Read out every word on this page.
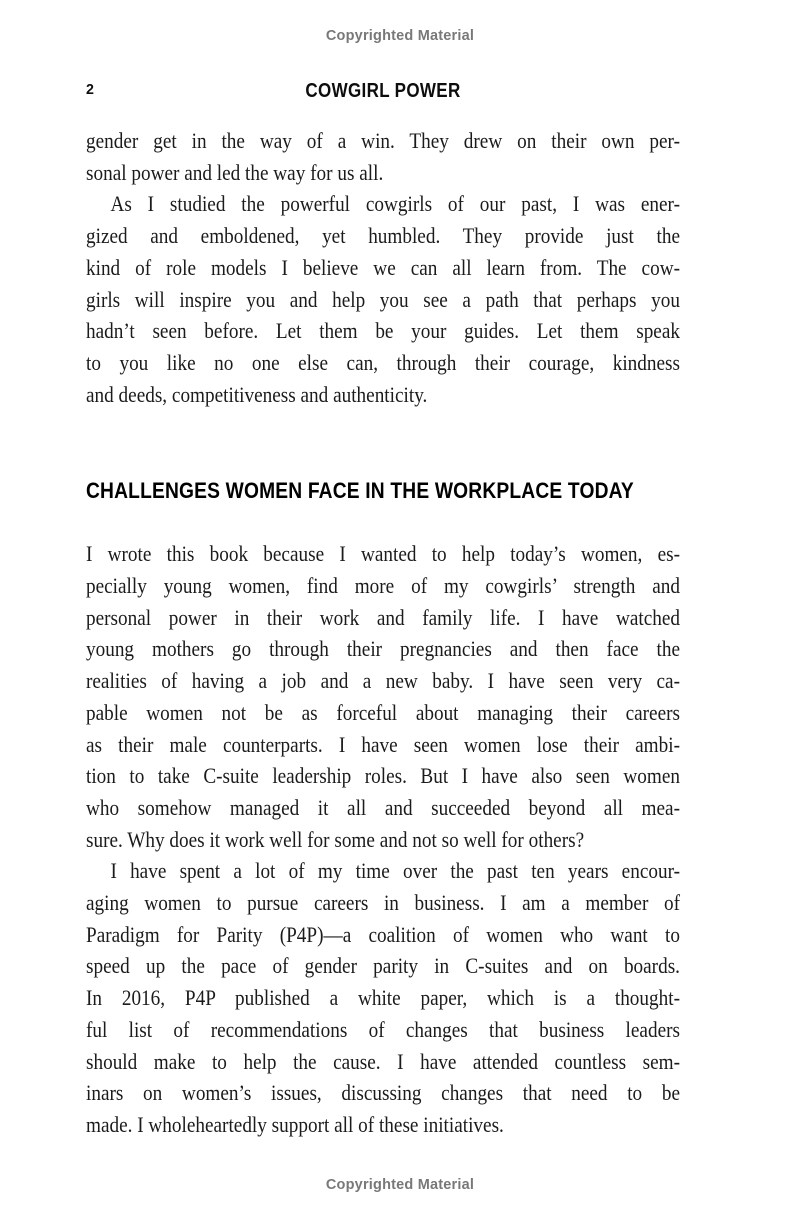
Copyrighted Material
2	COWGIRL POWER
gender get in the way of a win. They drew on their own per-
sonal power and led the way for us all.
As I studied the powerful cowgirls of our past, I was ener-
gized and emboldened, yet humbled. They provide just the
kind of role models I believe we can all learn from. The cow-
girls will inspire you and help you see a path that perhaps you
hadn’t seen before. Let them be your guides. Let them speak
to you like no one else can, through their courage, kindness
and deeds, competitiveness and authenticity.
CHALLENGES WOMEN FACE IN THE WORKPLACE TODAY
I wrote this book because I wanted to help today’s women, es-
pecially young women, find more of my cowgirls’ strength and
personal power in their work and family life. I have watched
young mothers go through their pregnancies and then face the
realities of having a job and a new baby. I have seen very ca-
pable women not be as forceful about managing their careers
as their male counterparts. I have seen women lose their ambi-
tion to take C-suite leadership roles. But I have also seen women
who somehow managed it all and succeeded beyond all mea-
sure. Why does it work well for some and not so well for others?
I have spent a lot of my time over the past ten years encour-
aging women to pursue careers in business. I am a member of
Paradigm for Parity (P4P)—a coalition of women who want to
speed up the pace of gender parity in C-suites and on boards.
In 2016, P4P published a white paper, which is a thought-
ful list of recommendations of changes that business leaders
should make to help the cause. I have attended countless sem-
inars on women’s issues, discussing changes that need to be
made. I wholeheartedly support all of these initiatives.
Copyrighted Material
